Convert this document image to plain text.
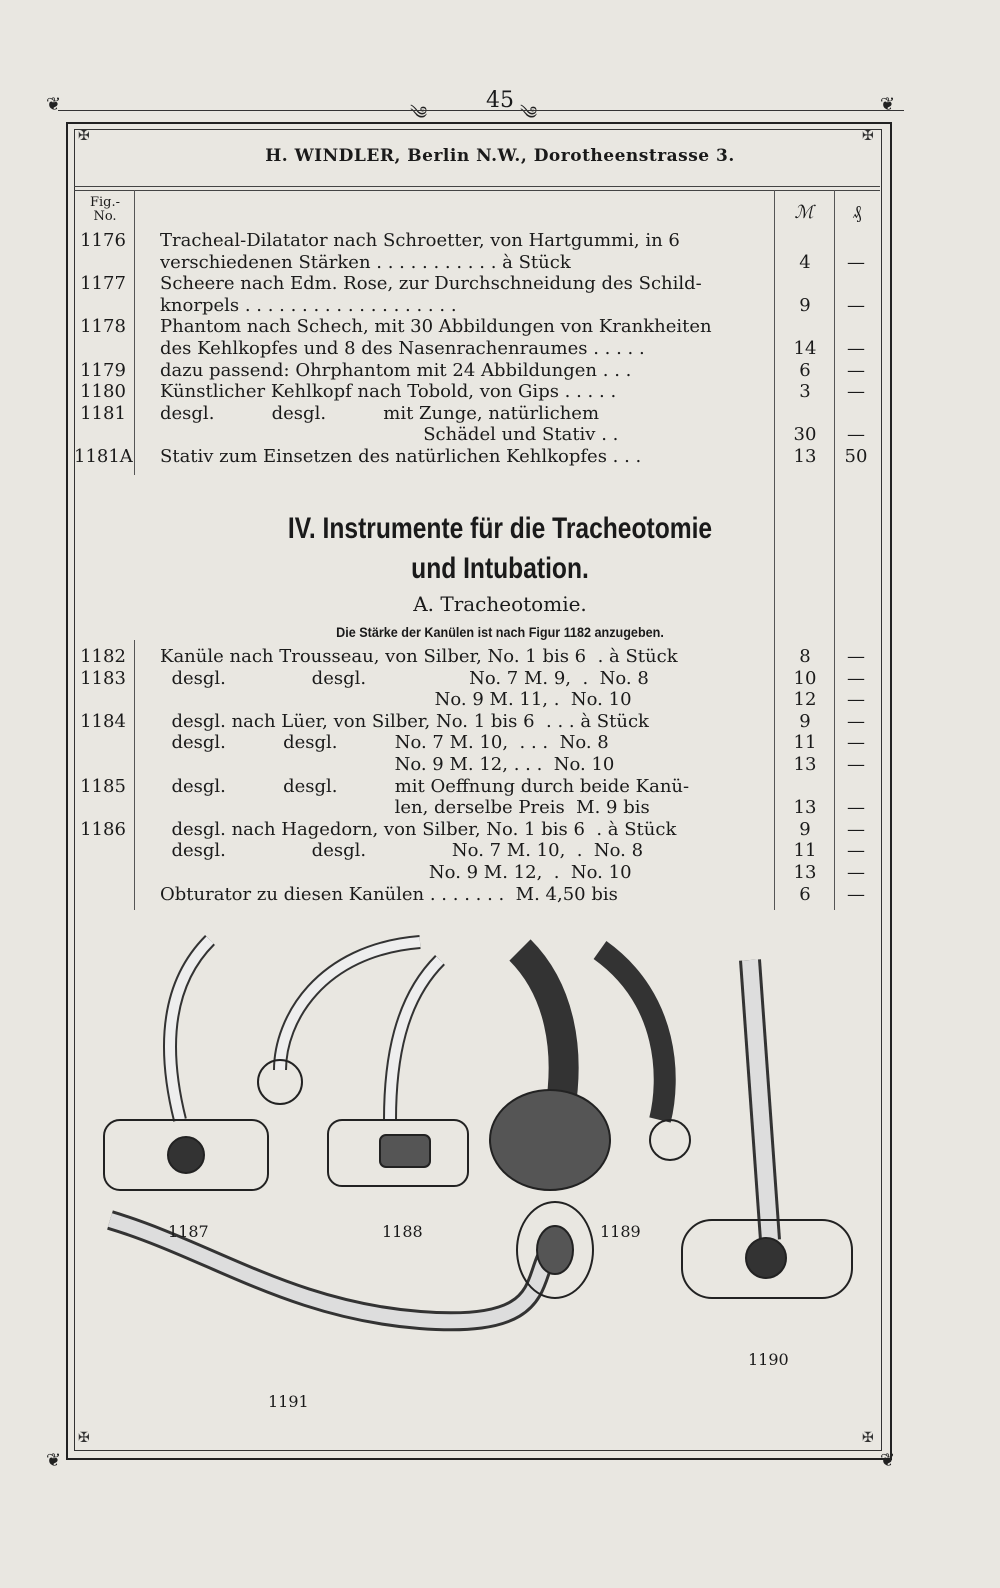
❦	༄	༄	❦
45
✠	✠
✠	✠
❦	❦
H. WINDLER, Berlin N.W., Dorotheenstrasse 3.
Fig.-
No.	ℳ	₰
1176	Tracheal-Dilatator nach Schroetter, von Hartgummi, in 6
verschiedenen Stärken . . . . . . . . . . . à Stück	4	—
1177	Scheere nach Edm. Rose, zur Durchschneidung des Schild-
knorpels . . . . . . . . . . . . . . . . . . .	9	—
1178	Phantom nach Schech, mit 30 Abbildungen von Krankheiten
des Kehlkopfes und 8 des Nasenrachenraumes . . . . .	14	—
1179	dazu passend: Ohrphantom mit 24 Abbildungen . . .	6	—
1180	Künstlicher Kehlkopf nach Tobold, von Gips . . . . .	3	—
1181	desgl.          desgl.          mit Zunge, natürlichem
Schädel und Stativ . .	30	—
1181A Stativ zum Einsetzen des natürlichen Kehlkopfes . . .	13	50
IV. Instrumente für die Tracheotomie
und Intubation.
A. Tracheotomie.
Die Stärke der Kanülen ist nach Figur 1182 anzugeben.
1182	Kanüle nach Trousseau, von Silber, No. 1 bis 6  . à Stück	8	—
1183	desgl.               desgl.                  No. 7 M. 9,  .  No. 8	10	—
No. 9 M. 11, .  No. 10	12	—
1184	desgl. nach Lüer, von Silber, No. 1 bis 6  . . . à Stück	9	—
desgl.          desgl.          No. 7 M. 10,  . . .  No. 8	11	—
No. 9 M. 12, . . .  No. 10	13	—
1185	desgl.          desgl.          mit Oeffnung durch beide Kanü-
len, derselbe Preis  M. 9 bis	13	—
1186	desgl. nach Hagedorn, von Silber, No. 1 bis 6  . à Stück	9	—
desgl.               desgl.               No. 7 M. 10,  .  No. 8	11	—
No. 9 M. 12,  .  No. 10	13	—
Obturator zu diesen Kanülen . . . . . . .  M. 4,50 bis	6	—
1187	1188	1189
1190
1191
